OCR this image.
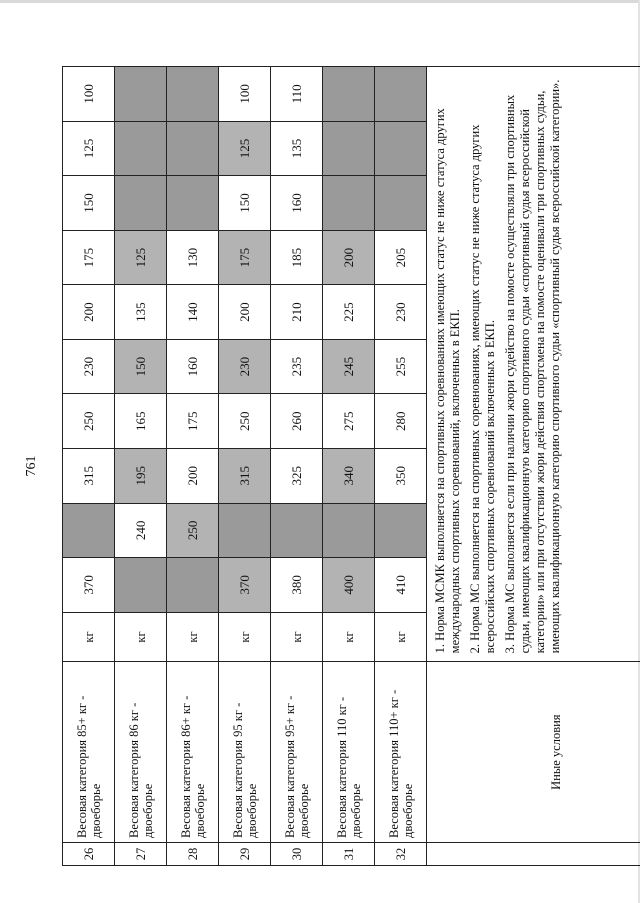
761
26	Весовая категория 85+ кг - двоеборье	кг	370		315	250	230	200	175	150	125	100
27	Весовая категория 86 кг - двоеборье	кг		240	195	165	150	135	125			
28	Весовая категория 86+ кг - двоеборье	кг		250	200	175	160	140	130			
29	Весовая категория 95 кг - двоеборье	кг	370		315	250	230	200	175	150	125	100
30	Весовая категория 95+ кг - двоеборье	кг	380		325	260	235	210	185	160	135	110
31	Весовая категория 110 кг - двоеборье	кг	400		340	275	245	225	200			
32	Весовая категория 110+ кг - двоеборье	кг	410		350	280	255	230	205			
	Иные условия	1. Норма МСМК выполняется на спортивных соревнованиях имеющих статус не ниже статуса других международных спортивных соревнований, включенных в ЕКП. 2. Норма МС выполняется на спортивных соревнованиях, имеющих статус не ниже статуса других всероссийских спортивных соревнований включенных в ЕКП. 3. Норма МС выполняется если при наличии жюри судейство на помосте осуществляли три спортивных судьи, имеющих квалификационную категорию спортивного судьи «спортивный судья всероссийской категории» или при отсутствии жюри действия спортсмена на помосте оценивали три спортивных судьи, имеющих квалификационную категорию спортивного судьи «спортивный судья всероссийской категории».										
